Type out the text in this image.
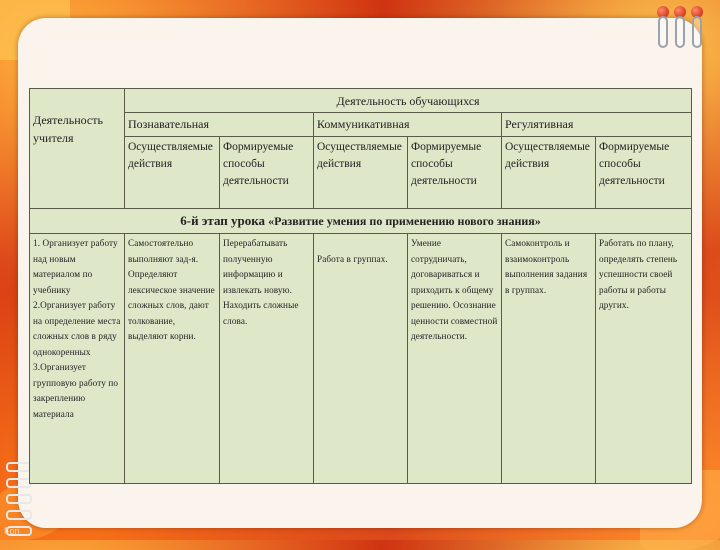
Деятельность учителя	Деятельность обучающихся					
	Познавательная		Коммуникативная		Регулятивная	
	Осуществляемые действия	Формируемые способы деятельности	Осуществляемые действия	Формируемые способы деятельности	Осуществляемые действия	Формируемые способы деятельности
6-й этап урока «Развитие умения по применению нового знания»						
1. Организует работу над новым материалом по учебнику 2.Организует работу на определение места сложных слов в ряду однокоренных 3.Организует групповую работу по закреплению материала	Самостоятельно выполняют зад-я. Определяют лексическое значение сложных слов, дают толкование, выделяют корни.	Перерабатывать полученную информацию и извлекать новую. Находить сложные слова.	Работа в группах.	Умение сотрудничать, договариваться и приходить к общему решению. Осознание ценности совместной деятельности.	Самоконтроль и взаимоконтроль выполнения задания в группах.	Работать по плану, определять степень успешности своей работы и работы других.
Fon
